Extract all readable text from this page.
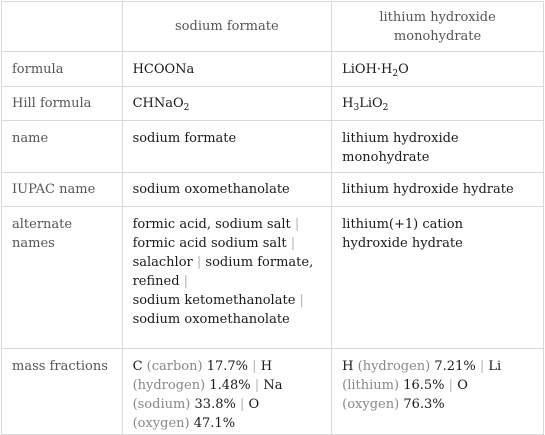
	sodium formate	lithium hydroxide
monohydrate
formula	HCOONa	$LiOH\cdot H_2O$
Hill formula	CHNaO$_2$	$H_3LiO_2$
name	sodium formate	lithium hydroxide
monohydrate
IUPAC name	sodium oxomethanolate	lithium hydroxide hydrate
alternate names	formic acid, sodium salt |
formic acid sodium salt |
salachlor | sodium formate, refined |
sodium ketomethanolate |
sodium oxomethanolate	lithium(+1) cation
hydroxide hydrate
mass fractions	C (carbon) 17.7% | H
(hydrogen) 1.48% | Na
(sodium) 33.8% | O
(oxygen) 47.1%	H (hydrogen) 7.21% | Li
(lithium) 16.5% | O
(oxygen) 76.3%
